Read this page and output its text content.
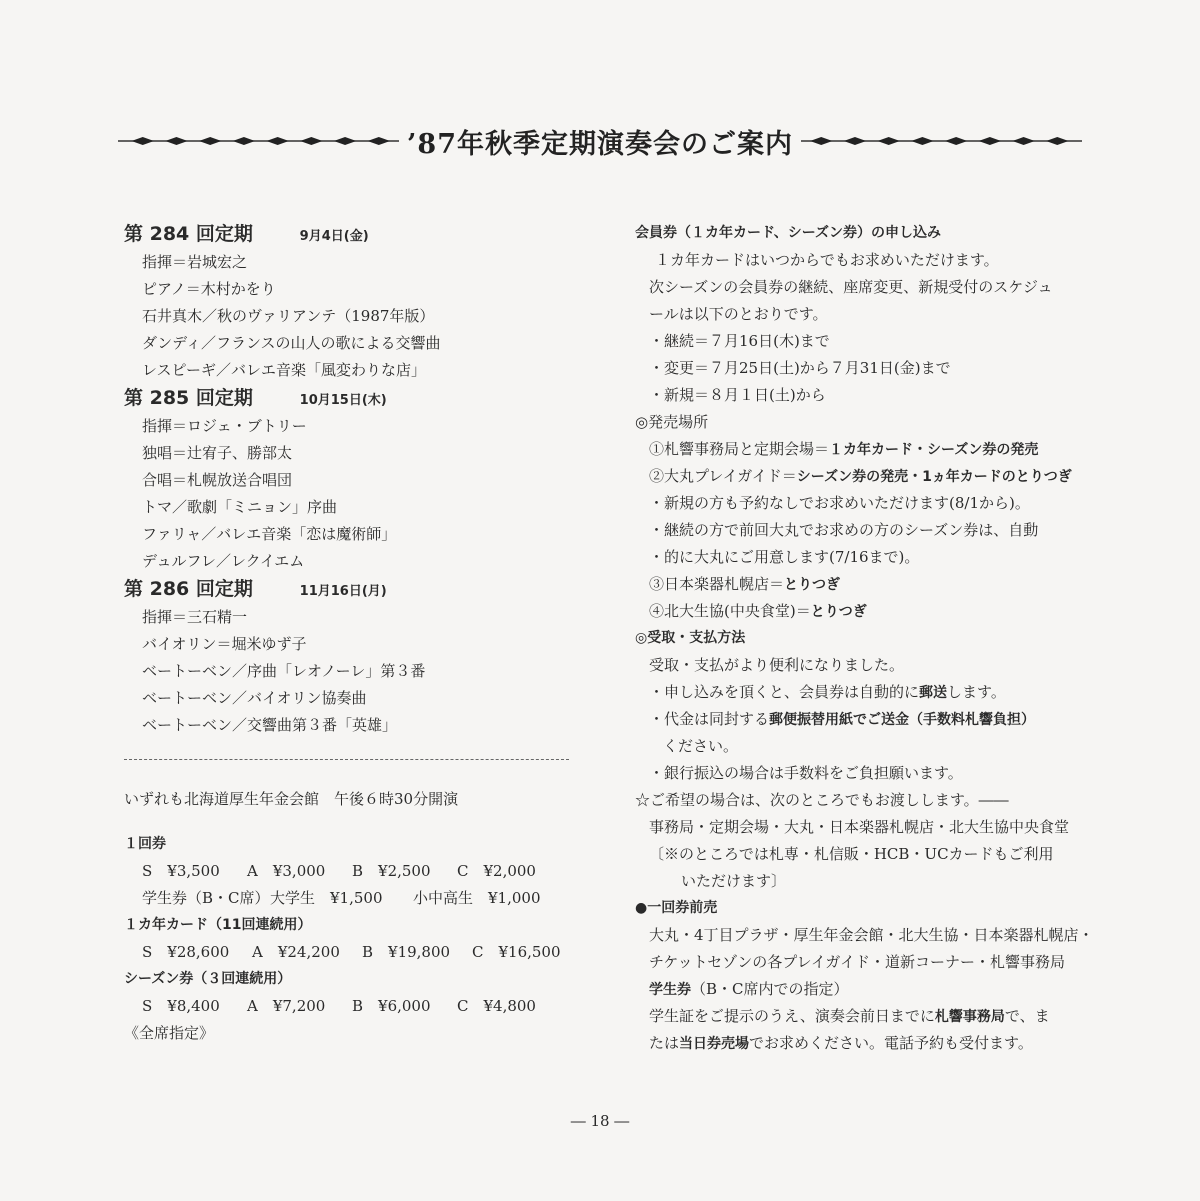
’87年秋季定期演奏会のご案内
第 284 回定期	9月4日(金)
指揮＝岩城宏之
ピアノ＝木村かをり
石井真木／秋のヴァリアンテ（1987年版）
ダンディ／フランスの山人の歌による交響曲
レスピーギ／バレエ音楽「風変わりな店」
第 285 回定期	10月15日(木)
指揮＝ロジェ・ブトリー
独唱＝辻宥子、勝部太
合唱＝札幌放送合唱団
トマ／歌劇「ミニョン」序曲
ファリャ／バレエ音楽「恋は魔術師」
デュルフレ／レクイエム
第 286 回定期	11月16日(月)
指揮＝三石精一
バイオリン＝堀米ゆず子
ベートーベン／序曲「レオノーレ」第３番
ベートーベン／バイオリン協奏曲
ベートーベン／交響曲第３番「英雄」
いずれも北海道厚生年金会館　午後６時30分開演
１回券
S　¥3,500	A　¥3,000	B　¥2,500	C　¥2,000
学生券（B・C席） 大学生　¥1,500	小中高生　¥1,000
１カ年カード（11回連続用）
S　¥28,600	A　¥24,200	B　¥19,800	C　¥16,500
シーズン券（３回連続用）
S　¥8,400	A　¥7,200	B　¥6,000	C　¥4,800
《全席指定》
会員券（１カ年カード、シーズン券）の申し込み
１カ年カードはいつからでもお求めいただけます。
次シーズンの会員券の継続、座席変更、新規受付のスケジュ
ールは以下のとおりです。
・継続＝７月16日(木)まで
・変更＝７月25日(土)から７月31日(金)まで
・新規＝８月１日(土)から
◎発売場所
①札響事務局と定期会場＝１カ年カード・シーズン券の発売
②大丸プレイガイド＝シーズン券の発売・1ヵ年カードのとりつぎ
・新規の方も予約なしでお求めいただけます(8/1から)。
・継続の方で前回大丸でお求めの方のシーズン券は、自動
・的に大丸にご用意します(7/16まで)。
③日本楽器札幌店＝とりつぎ
④北大生協(中央食堂)＝とりつぎ
◎受取・支払方法
受取・支払がより便利になりました。
・申し込みを頂くと、会員券は自動的に郵送します。
・代金は同封する郵便振替用紙でご送金（手数料札響負担）
ください。
・銀行振込の場合は手数料をご負担願います。
☆ご希望の場合は、次のところでもお渡しします。――
事務局・定期会場・大丸・日本楽器札幌店・北大生協中央食堂
〔※のところでは札専・札信販・HCB・UCカードもご利用
いただけます〕
●一回券前売
大丸・4丁目プラザ・厚生年金会館・北大生協・日本楽器札幌店・
チケットセゾンの各プレイガイド・道新コーナー・札響事務局
学生券（B・C席内での指定）
学生証をご提示のうえ、演奏会前日までに札響事務局で、ま
たは当日券売場でお求めください。電話予約も受付ます。
― 18 ―
